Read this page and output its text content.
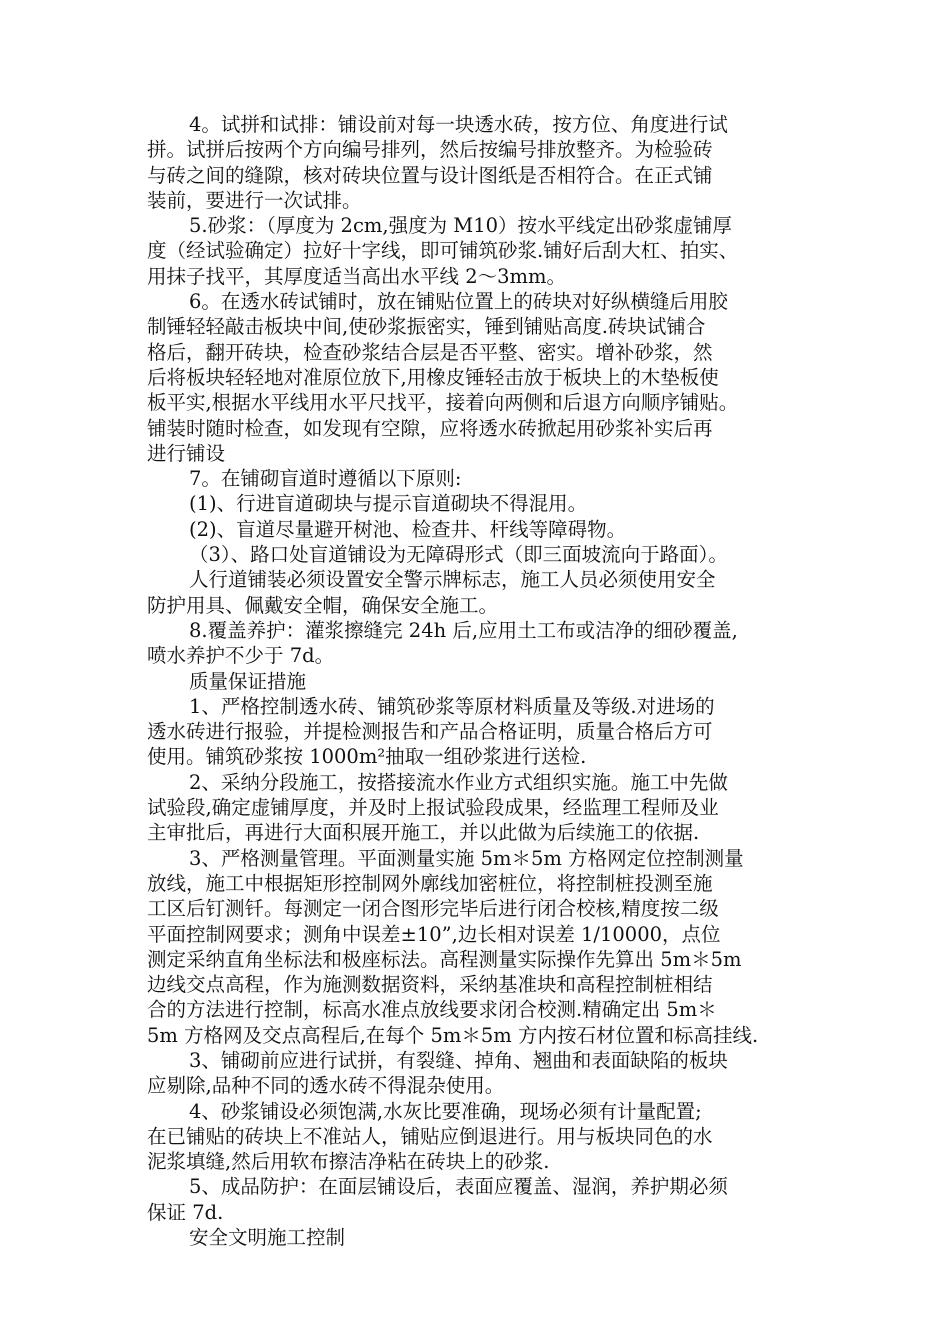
4。试拼和试排：铺设前对每一块透水砖，按方位、角度进行试
拼。试拼后按两个方向编号排列，然后按编号排放整齐。为检验砖
与砖之间的缝隙，核对砖块位置与设计图纸是否相符合。在正式铺
装前，要进行一次试排。
5.砂浆：（厚度为 2cm,强度为 M10）按水平线定出砂浆虚铺厚
度（经试验确定）拉好十字线，即可铺筑砂浆.铺好后刮大杠、拍实、
用抹子找平，其厚度适当高出水平线 2～3mm。
6。在透水砖试铺时，放在铺贴位置上的砖块对好纵横缝后用胶
制锤轻轻敲击板块中间,使砂浆振密实，锤到铺贴高度.砖块试铺合
格后，翻开砖块，检查砂浆结合层是否平整、密实。增补砂浆，然
后将板块轻轻地对准原位放下,用橡皮锤轻击放于板块上的木垫板使
板平实,根据水平线用水平尺找平，接着向两侧和后退方向顺序铺贴。
铺装时随时检查，如发现有空隙，应将透水砖掀起用砂浆补实后再
进行铺设
7。在铺砌盲道时遵循以下原则:
(1)、行进盲道砌块与提示盲道砌块不得混用。
(2)、盲道尽量避开树池、检查井、杆线等障碍物。
（3）、路口处盲道铺设为无障碍形式（即三面坡流向于路面）。
人行道铺装必须设置安全警示牌标志，施工人员必须使用安全
防护用具、佩戴安全帽，确保安全施工。
8.覆盖养护：灌浆擦缝完 24h 后,应用土工布或洁净的细砂覆盖,
喷水养护不少于 7d。
质量保证措施
1、严格控制透水砖、铺筑砂浆等原材料质量及等级.对进场的
透水砖进行报验，并提检测报告和产品合格证明，质量合格后方可
使用。铺筑砂浆按 1000m²抽取一组砂浆进行送检.
2、采纳分段施工，按搭接流水作业方式组织实施。施工中先做
试验段,确定虚铺厚度，并及时上报试验段成果，经监理工程师及业
主审批后，再进行大面积展开施工，并以此做为后续施工的依据.
3、严格测量管理。平面测量实施 5m＊5m 方格网定位控制测量
放线，施工中根据矩形控制网外廓线加密桩位，将控制桩投测至施
工区后钉测钎。每测定一闭合图形完毕后进行闭合校核,精度按二级
平面控制网要求；测角中误差±10”,边长相对误差 1/10000，点位
测定采纳直角坐标法和极座标法。高程测量实际操作先算出 5m＊5m
边线交点高程，作为施测数据资料，采纳基准块和高程控制桩相结
合的方法进行控制，标高水准点放线要求闭合校测.精确定出 5m＊
5m 方格网及交点高程后,在每个 5m＊5m 方内按石材位置和标高挂线.
3、铺砌前应进行试拼，有裂缝、掉角、翘曲和表面缺陷的板块
应剔除,品种不同的透水砖不得混杂使用。
4、砂浆铺设必须饱满,水灰比要准确，现场必须有计量配置;
在已铺贴的砖块上不准站人，铺贴应倒退进行。用与板块同色的水
泥浆填缝,然后用软布擦洁净粘在砖块上的砂浆.
5、成品防护：在面层铺设后，表面应覆盖、湿润，养护期必须
保证 7d.
安全文明施工控制
